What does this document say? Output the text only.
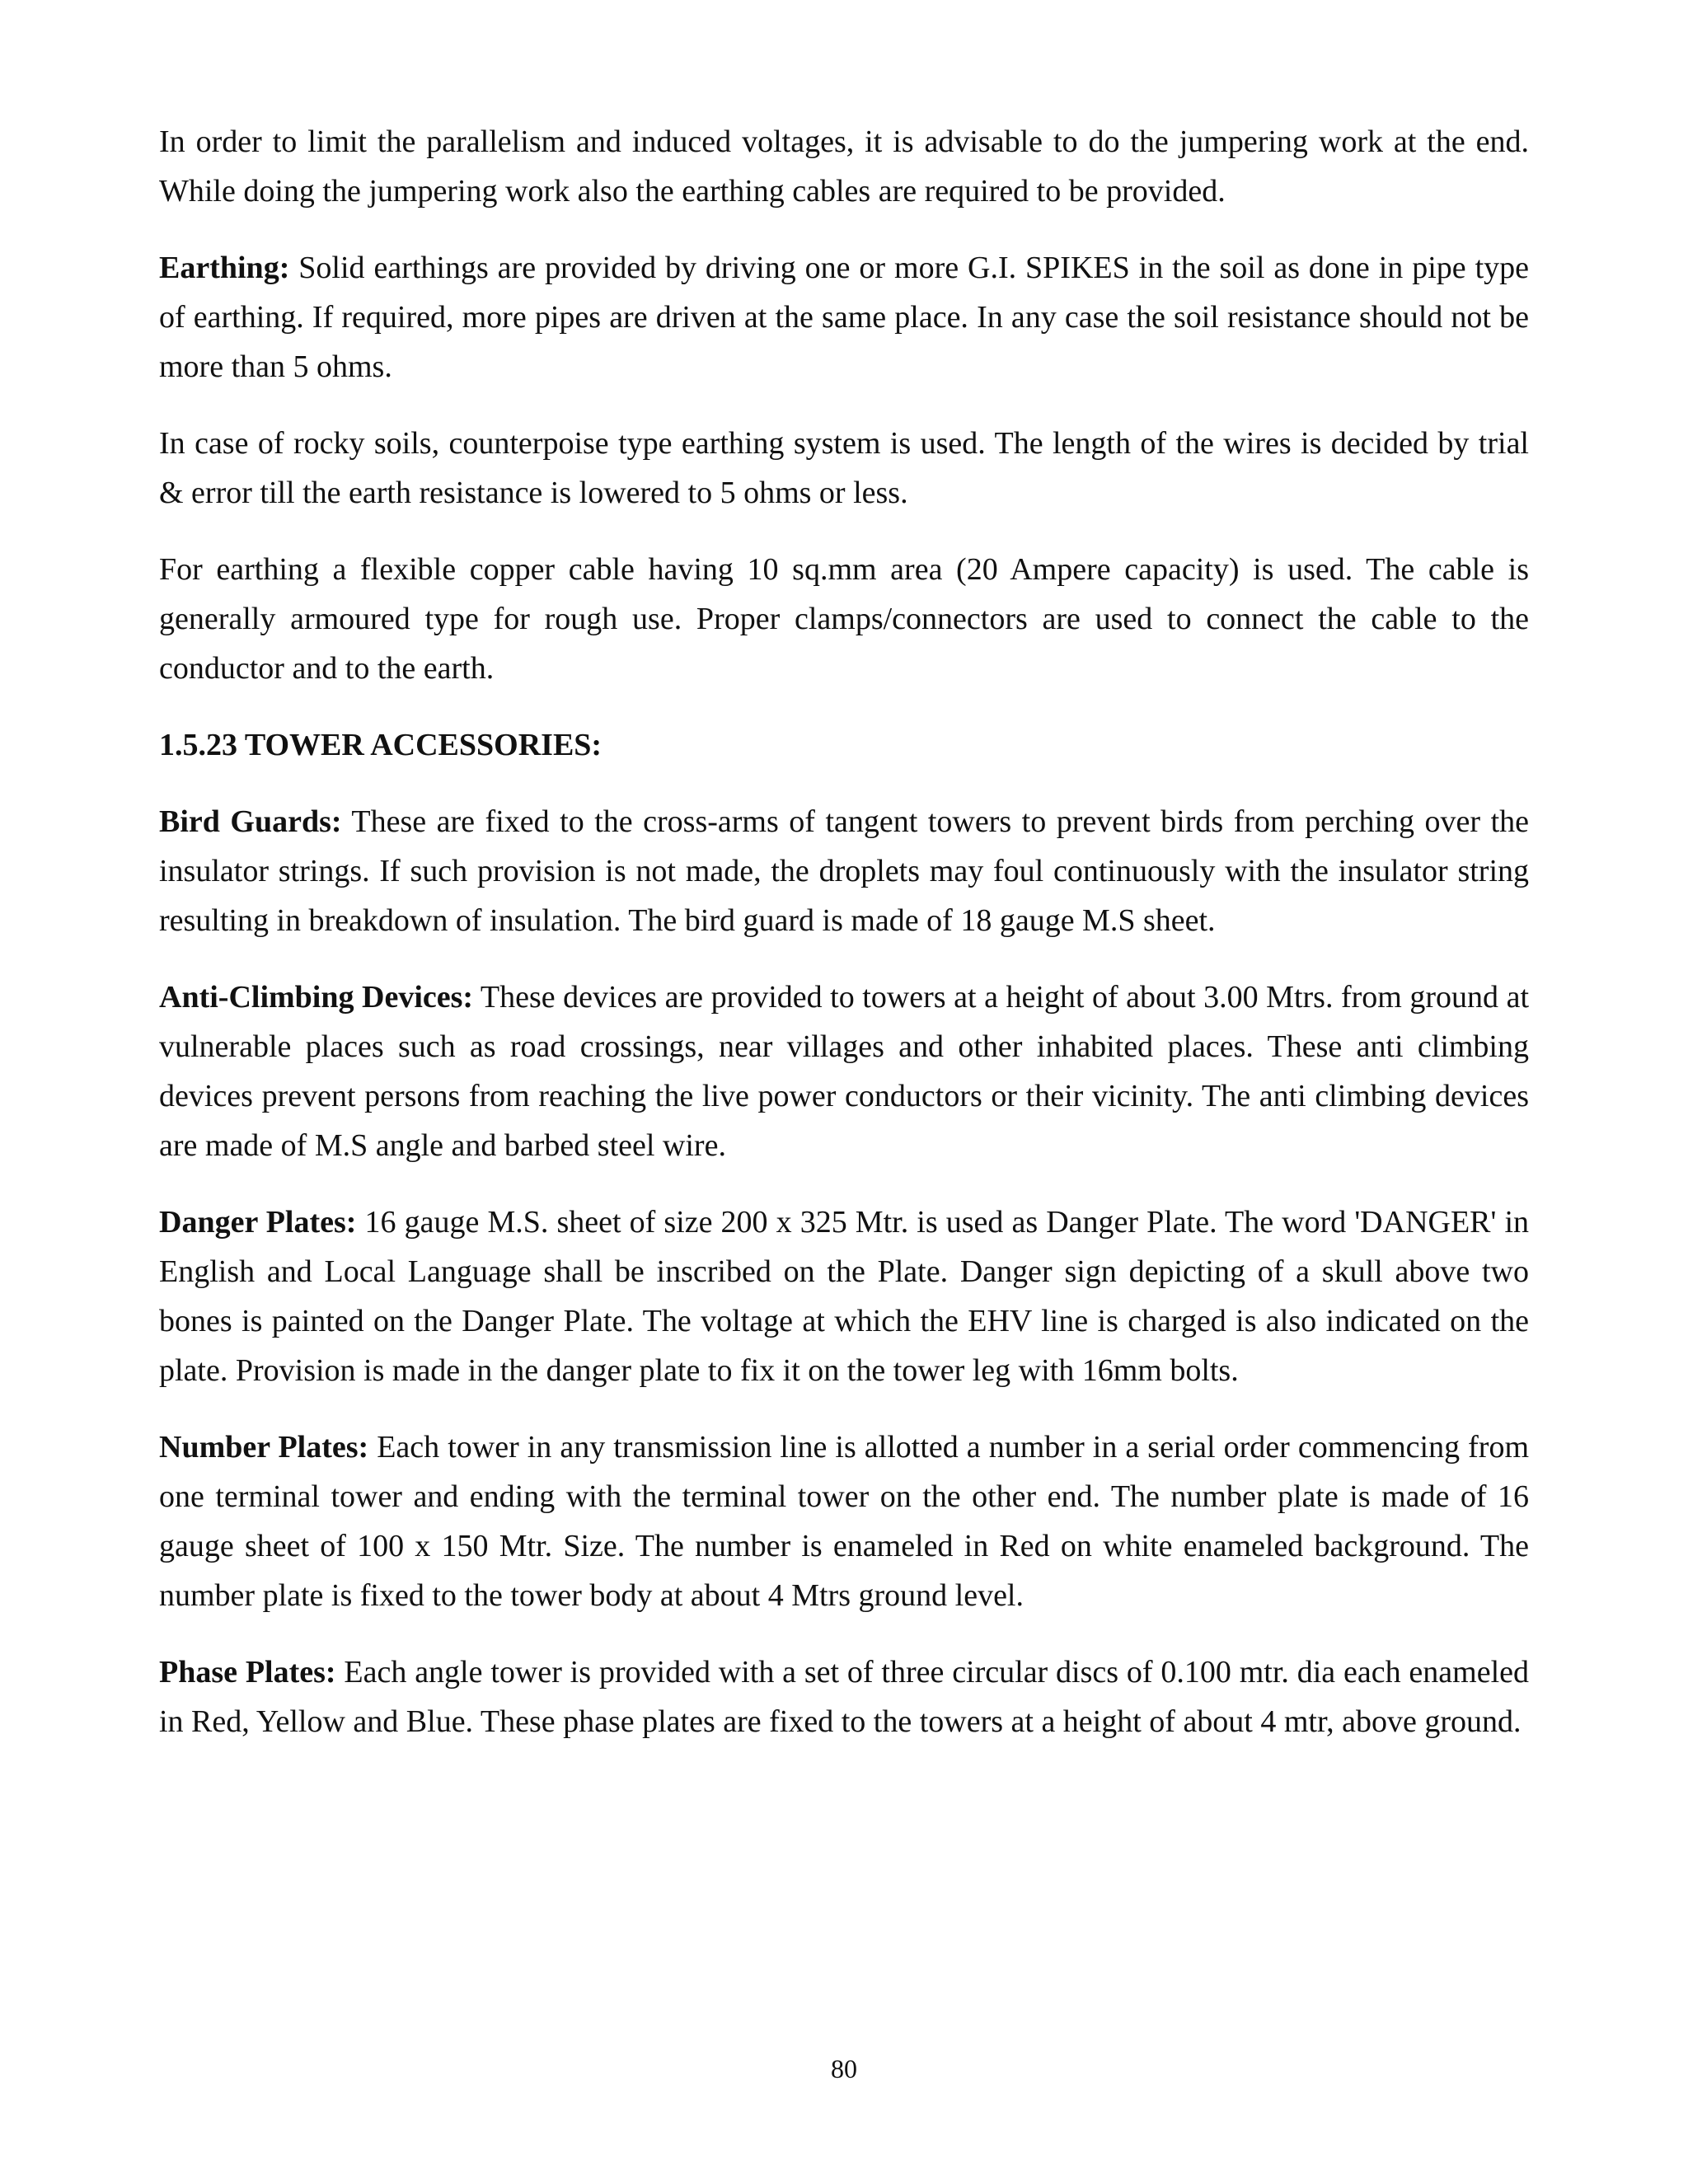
In order to limit the parallelism and induced voltages, it is advisable to do the jumpering work at the end. While doing the jumpering work also the earthing cables are required to be provided.

Earthing: Solid earthings are provided by driving one or more G.I. SPIKES in the soil as done in pipe type of earthing. If required, more pipes are driven at the same place. In any case the soil resistance should not be more than 5 ohms.

In case of rocky soils, counterpoise type earthing system is used. The length of the wires is decided by trial & error till the earth resistance is lowered to 5 ohms or less.

For earthing a flexible copper cable having 10 sq.mm area (20 Ampere capacity) is used. The cable is generally armoured type for rough use. Proper clamps/connectors are used to connect the cable to the conductor and to the earth.

1.5.23 TOWER ACCESSORIES:

Bird Guards: These are fixed to the cross-arms of tangent towers to prevent birds from perching over the insulator strings. If such provision is not made, the droplets may foul continuously with the insulator string resulting in breakdown of insulation. The bird guard is made of 18 gauge M.S sheet.

Anti-Climbing Devices: These devices are provided to towers at a height of about 3.00 Mtrs. from ground at vulnerable places such as road crossings, near villages and other inhabited places. These anti climbing devices prevent persons from reaching the live power conductors or their vicinity. The anti climbing devices are made of M.S angle and barbed steel wire.

Danger Plates: 16 gauge M.S. sheet of size 200 x 325 Mtr. is used as Danger Plate. The word 'DANGER' in English and Local Language shall be inscribed on the Plate. Danger sign depicting of a skull above two bones is painted on the Danger Plate. The voltage at which the EHV line is charged is also indicated on the plate. Provision is made in the danger plate to fix it on the tower leg with 16mm bolts.

Number Plates: Each tower in any transmission line is allotted a number in a serial order commencing from one terminal tower and ending with the terminal tower on the other end. The number plate is made of 16 gauge sheet of 100 x 150 Mtr. Size. The number is enameled in Red on white enameled background. The number plate is fixed to the tower body at about 4 Mtrs ground level.

Phase Plates: Each angle tower is provided with a set of three circular discs of 0.100 mtr. dia each enameled in Red, Yellow and Blue. These phase plates are fixed to the towers at a height of about 4 mtr, above ground.

80
